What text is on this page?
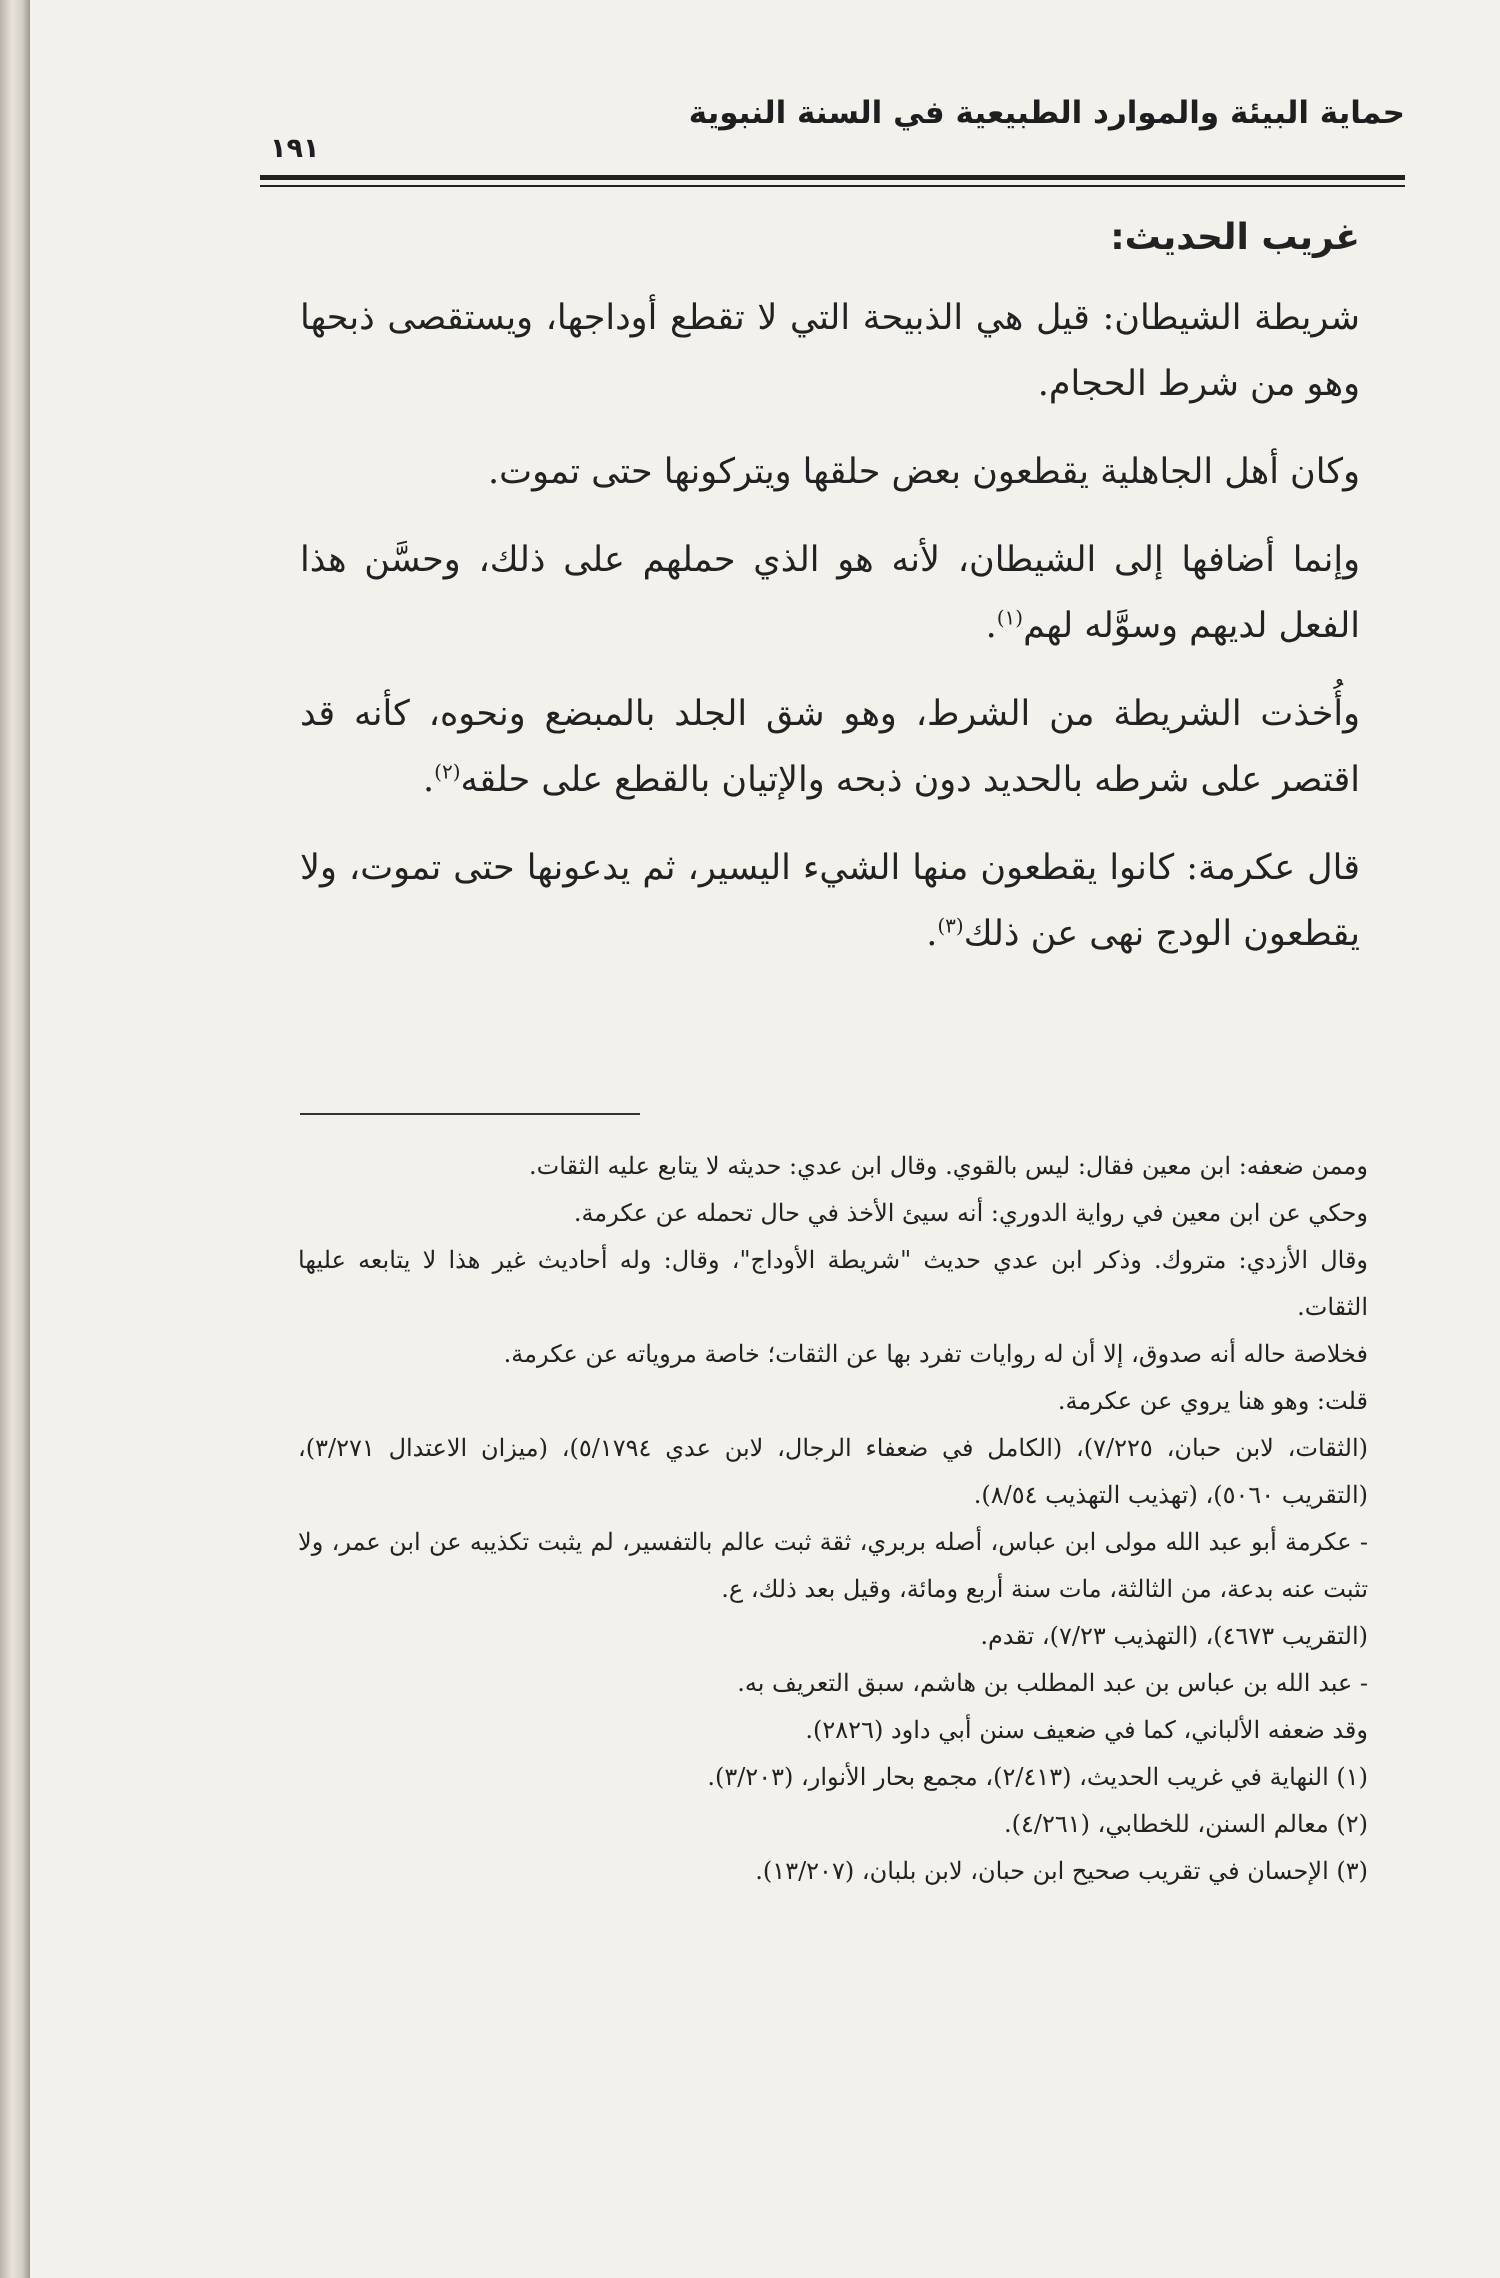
حماية البيئة والموارد الطبيعية في السنة النبوية
١٩١
غريب الحديث:

شريطة الشيطان: قيل هي الذبيحة التي لا تقطع أوداجها، ويستقصى ذبحها وهو من شرط الحجام.

وكان أهل الجاهلية يقطعون بعض حلقها ويتركونها حتى تموت.

وإنما أضافها إلى الشيطان، لأنه هو الذي حملهم على ذلك، وحسَّن هذا الفعل لديهم وسوَّله لهم$^{(١)}$.

وأُخذت الشريطة من الشرط، وهو شق الجلد بالمبضع ونحوه، كأنه قد اقتصر على شرطه بالحديد دون ذبحه والإتيان بالقطع على حلقه$^{(٢)}$.

قال عكرمة: كانوا يقطعون منها الشيء اليسير، ثم يدعونها حتى تموت، ولا يقطعون الودج نهى عن ذلك$^{(٣)}$.

وممن ضعفه: ابن معين فقال: ليس بالقوي. وقال ابن عدي: حديثه لا يتابع عليه الثقات.

وحكي عن ابن معين في رواية الدوري: أنه سيئ الأخذ في حال تحمله عن عكرمة.

وقال الأزدي: متروك. وذكر ابن عدي حديث "شريطة الأوداج"، وقال: وله أحاديث غير هذا لا يتابعه عليها الثقات.

فخلاصة حاله أنه صدوق، إلا أن له روايات تفرد بها عن الثقات؛ خاصة مروياته عن عكرمة.

قلت: وهو هنا يروي عن عكرمة.

(الثقات، لابن حبان، ٧/٢٢٥)، (الكامل في ضعفاء الرجال، لابن عدي ٥/١٧٩٤)، (ميزان الاعتدال ٣/٢٧١)، (التقريب ٥٠٦٠)، (تهذيب التهذيب ٨/٥٤).

- عكرمة أبو عبد الله مولى ابن عباس، أصله بربري، ثقة ثبت عالم بالتفسير، لم يثبت تكذيبه عن ابن عمر، ولا تثبت عنه بدعة، من الثالثة، مات سنة أربع ومائة، وقيل بعد ذلك، ع.

(التقريب ٤٦٧٣)، (التهذيب ٧/٢٣)، تقدم.

- عبد الله بن عباس بن عبد المطلب بن هاشم، سبق التعريف به.

وقد ضعفه الألباني، كما في ضعيف سنن أبي داود (٢٨٢٦).

(١) النهاية في غريب الحديث، (٢/٤١٣)، مجمع بحار الأنوار، (٣/٢٠٣).

(٢) معالم السنن، للخطابي، (٤/٢٦١).

(٣) الإحسان في تقريب صحيح ابن حبان، لابن بلبان، (١٣/٢٠٧).
